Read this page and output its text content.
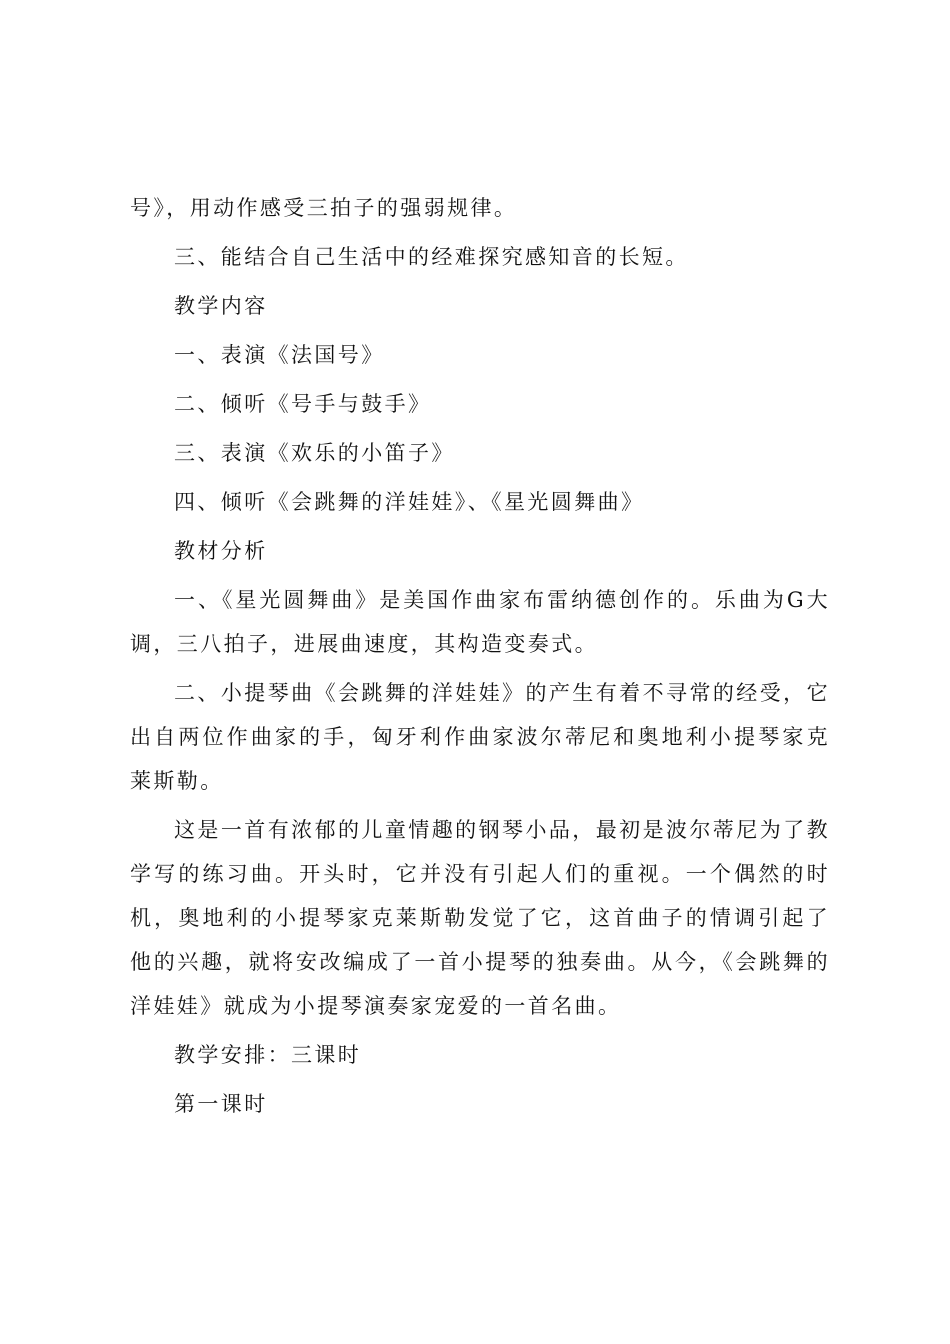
号》，用动作感受三拍子的强弱规律。

三、能结合自己生活中的经难探究感知音的长短。

教学内容

一、表演《法国号》

二、倾听《号手与鼓手》

三、表演《欢乐的小笛子》

四、倾听《会跳舞的洋娃娃》、《星光圆舞曲》

教材分析

一、《星光圆舞曲》是美国作曲家布雷纳德创作的。乐曲为G大调，三八拍子，进展曲速度，其构造变奏式。

二、小提琴曲《会跳舞的洋娃娃》的产生有着不寻常的经受，它出自两位作曲家的手，匈牙利作曲家波尔蒂尼和奥地利小提琴家克莱斯勒。

这是一首有浓郁的儿童情趣的钢琴小品，最初是波尔蒂尼为了教学写的练习曲。开头时，它并没有引起人们的重视。一个偶然的时机，奥地利的小提琴家克莱斯勒发觉了它，这首曲子的情调引起了他的兴趣，就将安改编成了一首小提琴的独奏曲。从今，《会跳舞的洋娃娃》就成为小提琴演奏家宠爱的一首名曲。

教学安排：三课时

第一课时
